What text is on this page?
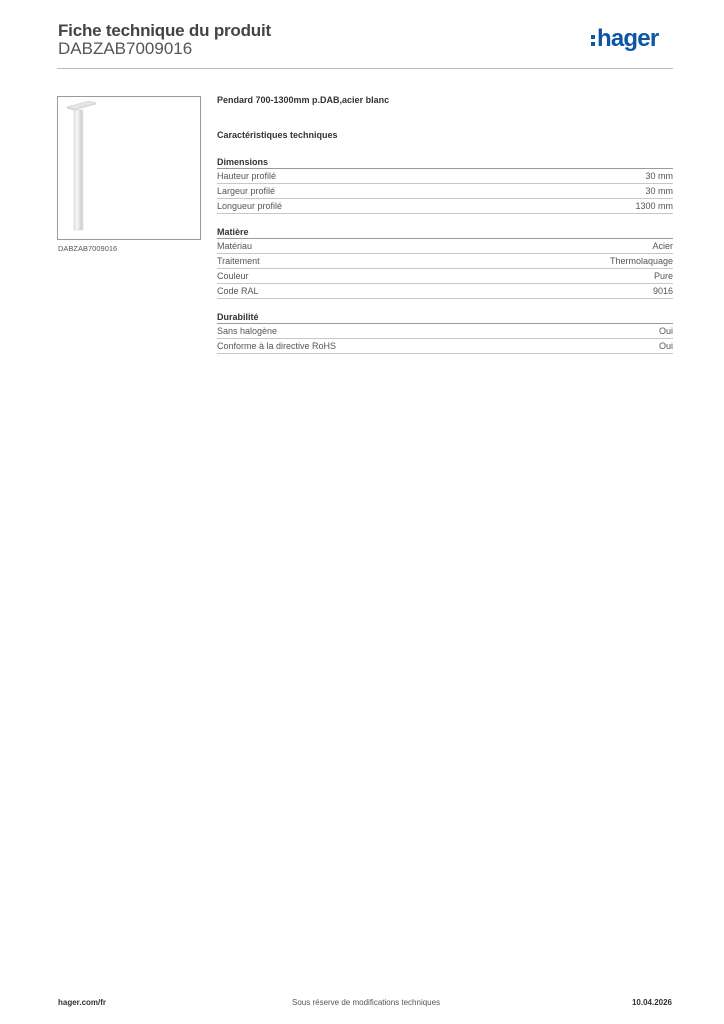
Fiche technique du produit
DABZAB7009016	hager
DABZAB7009016
Pendard 700-1300mm p.DAB,acier blanc
Caractéristiques techniques
Dimensions
Hauteur profilé	30 mm
Largeur profilé	30 mm
Longueur profilé	1300 mm
Matière
Matériau	Acier
Traitement	Thermolaquage
Couleur	Pure
Code RAL	9016
Durabilité
Sans halogène	Oui
Conforme à la directive RoHS	Oui
hager.com/fr	Sous réserve de modifications techniques	10.04.2026
